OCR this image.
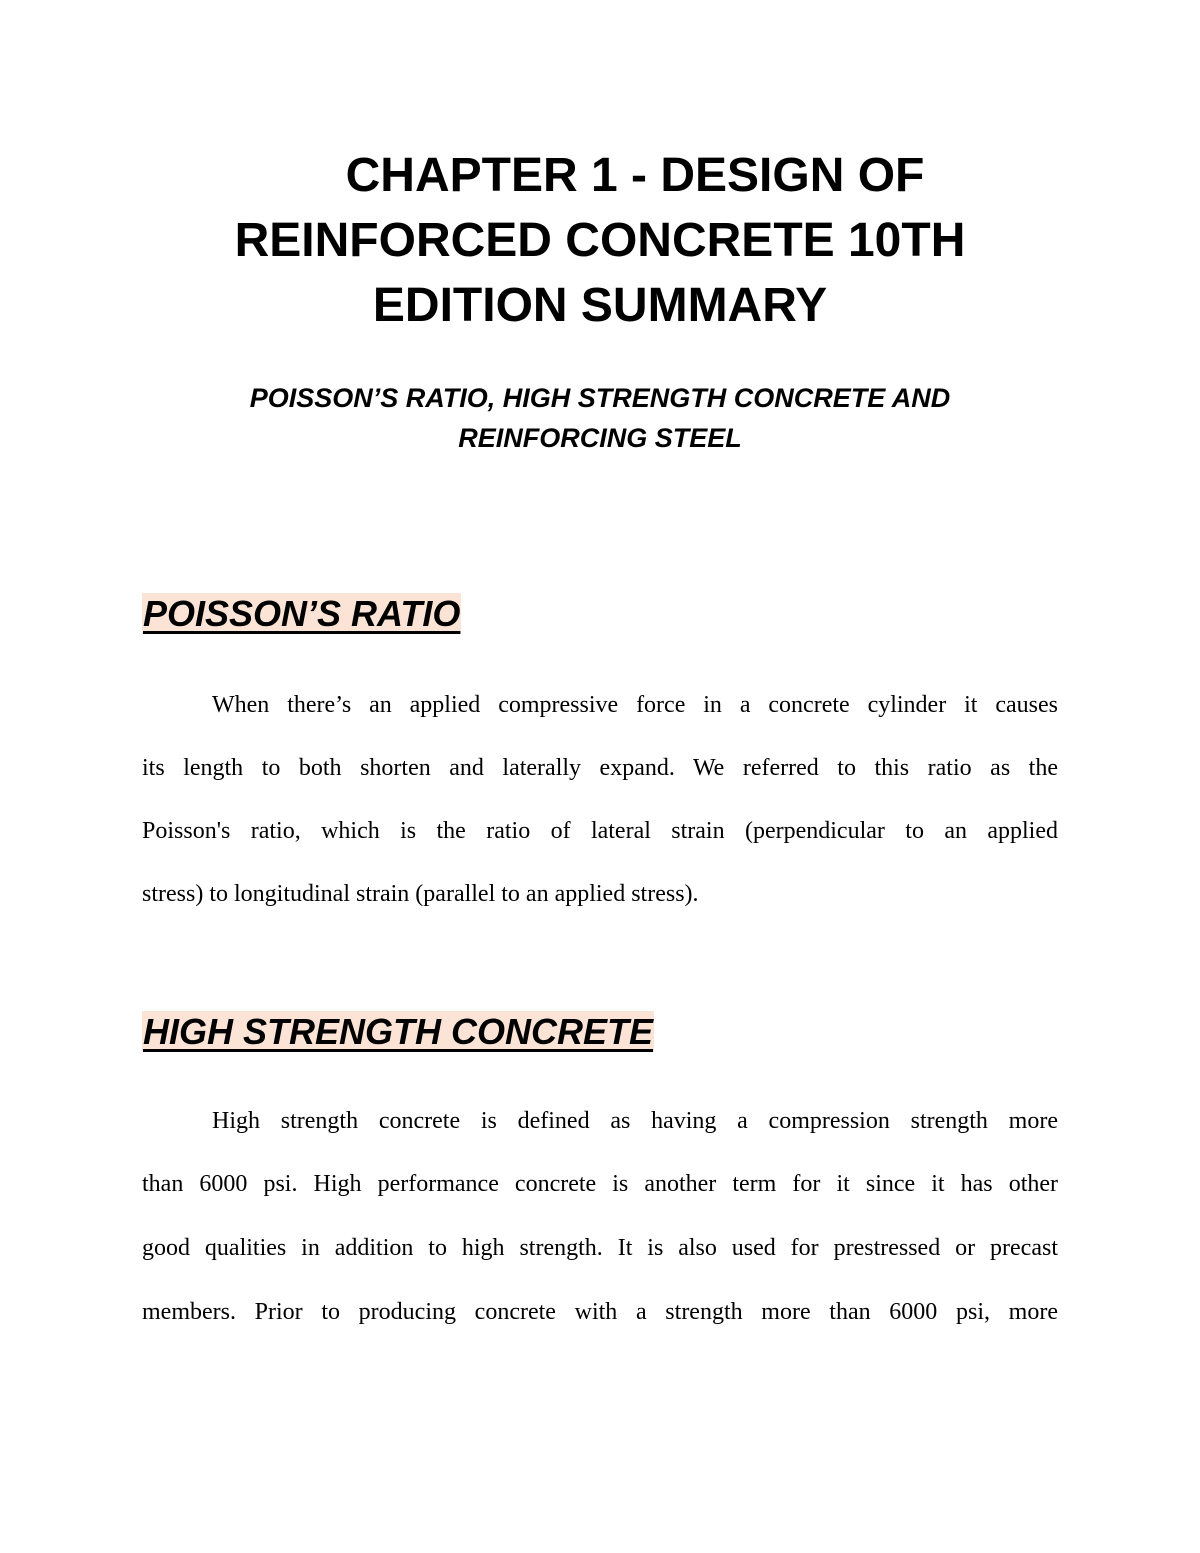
CHAPTER 1 - DESIGN OF
REINFORCED CONCRETE 10TH
EDITION SUMMARY
POISSON’S RATIO, HIGH STRENGTH CONCRETE AND
REINFORCING STEEL
POISSON’S RATIO
When there’s an applied compressive force in a concrete cylinder it causes
its length to both shorten and laterally expand. We referred to this ratio as the
Poisson's ratio, which is the ratio of lateral strain (perpendicular to an applied
stress) to longitudinal strain (parallel to an applied stress).
HIGH STRENGTH CONCRETE
High strength concrete is defined as having a compression strength more
than 6000 psi. High performance concrete is another term for it since it has other
good qualities in addition to high strength. It is also used for prestressed or precast
members. Prior to producing concrete with a strength more than 6000 psi, more
